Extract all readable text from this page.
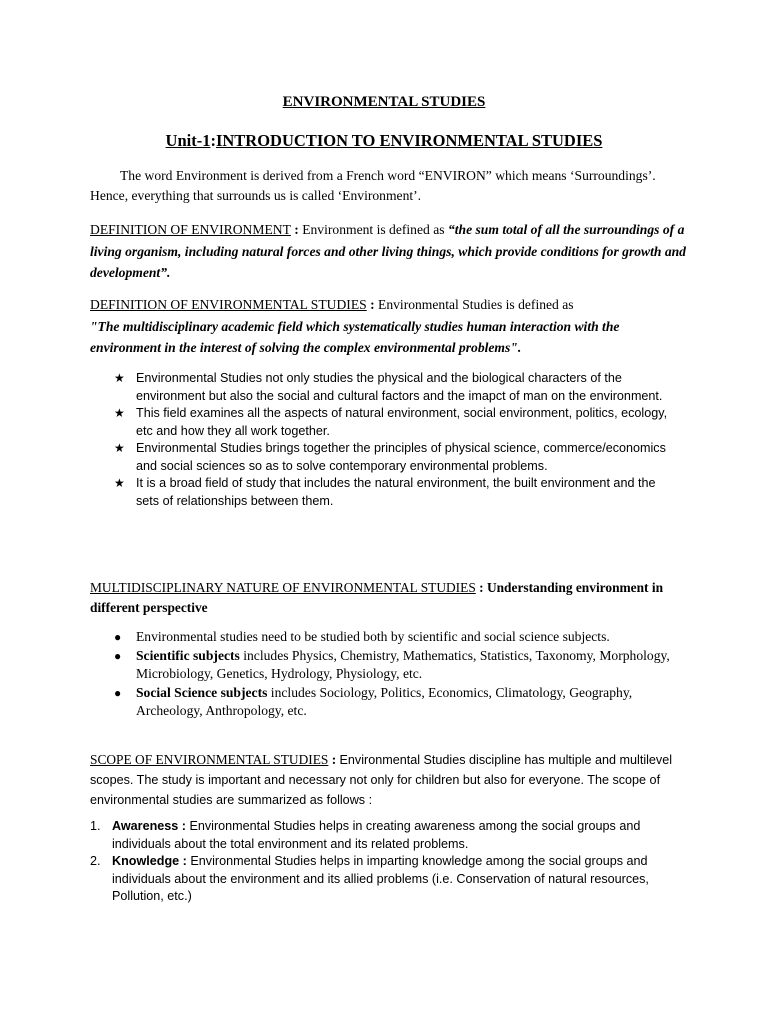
ENVIRONMENTAL STUDIES
Unit-1:INTRODUCTION TO ENVIRONMENTAL STUDIES
The word Environment is derived from a French word “ENVIRON” which means ‘Surroundings’. Hence, everything that surrounds us is called ‘Environment’.
DEFINITION OF ENVIRONMENT : Environment is defined as “the sum total of all the surroundings of a living organism, including natural forces and other living things, which provide conditions for growth and development”.
DEFINITION OF ENVIRONMENTAL STUDIES : Environmental Studies is defined as
"The multidisciplinary academic field which systematically studies human interaction with the environment in the interest of solving the complex environmental problems".
★ Environmental Studies not only studies the physical and the biological characters of the environment but also the social and cultural factors and the imapct of man on the environment.
★ This field examines all the aspects of natural environment, social environment, politics, ecology, etc and how they all work together.
★ Environmental Studies brings together the principles of physical science, commerce/economics and social sciences so as to solve contemporary environmental problems.
★ It is a broad field of study that includes the natural environment, the built environment and the sets of relationships between them.
MULTIDISCIPLINARY NATURE OF ENVIRONMENTAL STUDIES : Understanding environment in different perspective
● Environmental studies need to be studied both by scientific and social science subjects.
● Scientific subjects includes Physics, Chemistry, Mathematics, Statistics, Taxonomy, Morphology, Microbiology, Genetics, Hydrology, Physiology, etc.
● Social Science subjects includes Sociology, Politics, Economics, Climatology, Geography, Archeology, Anthropology, etc.
SCOPE OF ENVIRONMENTAL STUDIES : Environmental Studies discipline has multiple and multilevel scopes. The study is important and necessary not only for children but also for everyone. The scope of environmental studies are summarized as follows :
1. Awareness : Environmental Studies helps in creating awareness among the social groups and individuals about the total environment and its related problems.
2. Knowledge : Environmental Studies helps in imparting knowledge among the social groups and individuals about the environment and its allied problems (i.e. Conservation of natural resources, Pollution, etc.)
